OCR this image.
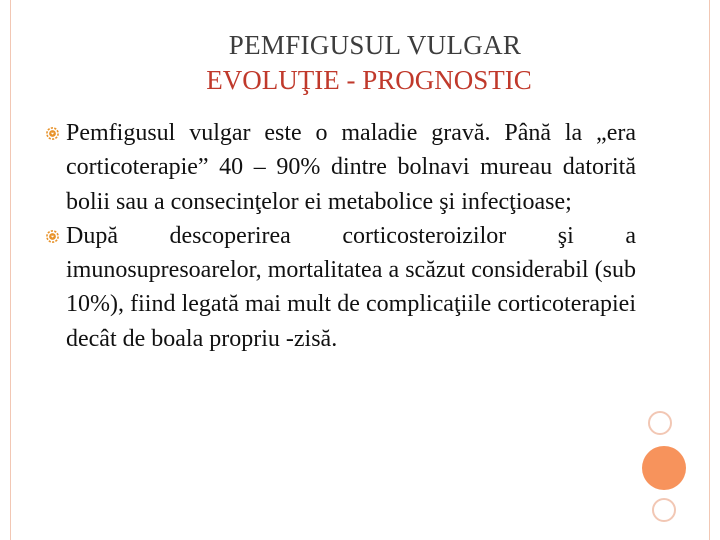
PEMFIGUSUL VULGAR
EVOLUŢIE - PROGNOSTIC
Pemfigusul vulgar este o maladie gravă. Până la „era corticoterapie” 40 – 90% dintre bolnavi mureau datorită bolii sau a consecinţelor ei metabolice şi infecţioase;
După descoperirea corticosteroizilor şi a imunosupresoarelor, mortalitatea a scăzut considerabil (sub 10%), fiind legată mai mult de complicaţiile corticoterapiei decât de boala propriu -zisă.
